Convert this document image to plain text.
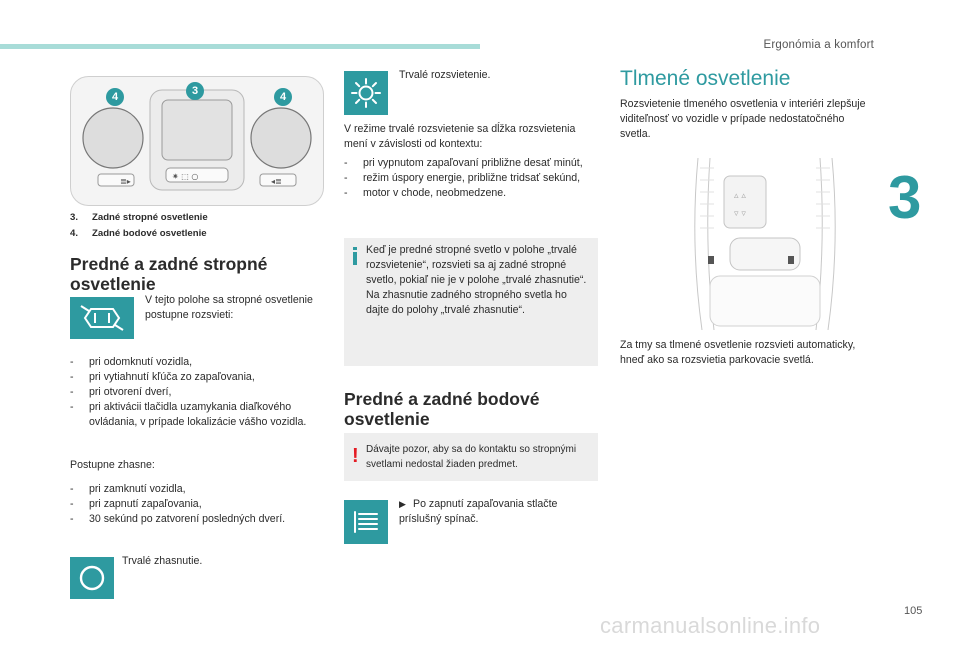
Ergonómia a komfort
3
105
carmanualsonline.info
≣▸	◂≣
✷ ⬚ ○
4	3	4
3. Zadné stropné osvetlenie
4. Zadné bodové osvetlenie
Predné a zadné stropné osvetlenie

V tejto polohe sa stropné osvetlenie postupne rozsvieti:

- pri odomknutí vozidla,
- pri vytiahnutí kľúča zo zapaľovania,
- pri otvorení dverí,
- pri aktivácii tlačidla uzamykania diaľkového ovládania, v prípade lokalizácie vášho vozidla.

Postupne zhasne:

- pri zamknutí vozidla,
- pri zapnutí zapaľovania,
- 30 sekúnd po zatvorení posledných dverí.

Trvalé zhasnutie.

Trvalé rozsvietenie.

V režime trvalé rozsvietenie sa dĺžka rozsvietenia mení v závislosti od kontextu:

- pri vypnutom zapaľovaní približne desať minút,
- režim úspory energie, približne tridsať sekúnd,
- motor v chode, neobmedzene.
Keď je predné stropné svetlo v polohe „trvalé rozsvietenie“, rozsvieti sa aj zadné stropné svetlo, pokiaľ nie je v polohe „trvalé zhasnutie“.
Na zhasnutie zadného stropného svetla ho dajte do polohy „trvalé zhasnutie“.
Predné a zadné bodové osvetlenie
! Dávajte pozor, aby sa do kontaktu so stropnými svetlami nedostal žiaden predmet.
▶ Po zapnutí zapaľovania stlačte príslušný spínač.
Tlmené osvetlenie

Rozsvietenie tlmeného osvetlenia v interiéri zlepšuje viditeľnosť vo vozidle v prípade nedostatočného svetla.

▵ ▵
▿ ▿

Za tmy sa tlmené osvetlenie rozsvieti automaticky, hneď ako sa rozsvietia parkovacie svetlá.
